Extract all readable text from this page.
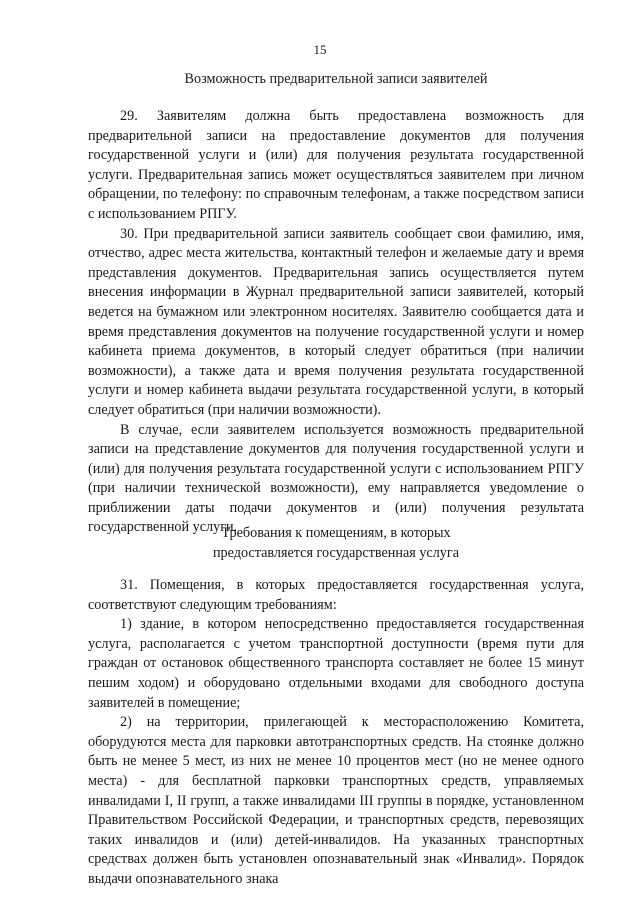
15
Возможность предварительной записи заявителей

29. Заявителям должна быть предоставлена возможность для предварительной записи на предоставление документов для получения государственной услуги и (или) для получения результата государственной услуги. Предварительная запись может осуществляться заявителем при личном обращении, по телефону: по справочным телефонам, а также посредством записи с использованием РПГУ.

30. При предварительной записи заявитель сообщает свои фамилию, имя, отчество, адрес места жительства, контактный телефон и желаемые дату и время представления документов. Предварительная запись осуществляется путем внесения информации в Журнал предварительной записи заявителей, который ведется на бумажном или электронном носителях. Заявителю сообщается дата и время представления документов на получение государственной услуги и номер кабинета приема документов, в который следует обратиться (при наличии возможности), а также дата и время получения результата государственной услуги и номер кабинета выдачи результата государственной услуги, в который следует обратиться (при наличии возможности).

В случае, если заявителем используется возможность предварительной записи на представление документов для получения государственной услуги и (или) для получения результата государственной услуги с использованием РПГУ (при наличии технической возможности), ему направляется уведомление о приближении даты подачи документов и (или) получения результата государственной услуги.

Требования к помещениям, в которых
предоставляется государственная услуга

31. Помещения, в которых предоставляется государственная услуга, соответствуют следующим требованиям:

1) здание, в котором непосредственно предоставляется государственная услуга, располагается с учетом транспортной доступности (время пути для граждан от остановок общественного транспорта составляет не более 15 минут пешим ходом) и оборудовано отдельными входами для свободного доступа заявителей в помещение;

2) на территории, прилегающей к месторасположению Комитета, оборудуются места для парковки автотранспортных средств. На стоянке должно быть не менее 5 мест, из них не менее 10 процентов мест (но не менее одного места) - для бесплатной парковки транспортных средств, управляемых инвалидами I, II групп, а также инвалидами III группы в порядке, установленном Правительством Российской Федерации, и транспортных средств, перевозящих таких инвалидов и (или) детей-инвалидов. На указанных транспортных средствах должен быть установлен опознавательный знак «Инвалид». Порядок выдачи опознавательного знака
